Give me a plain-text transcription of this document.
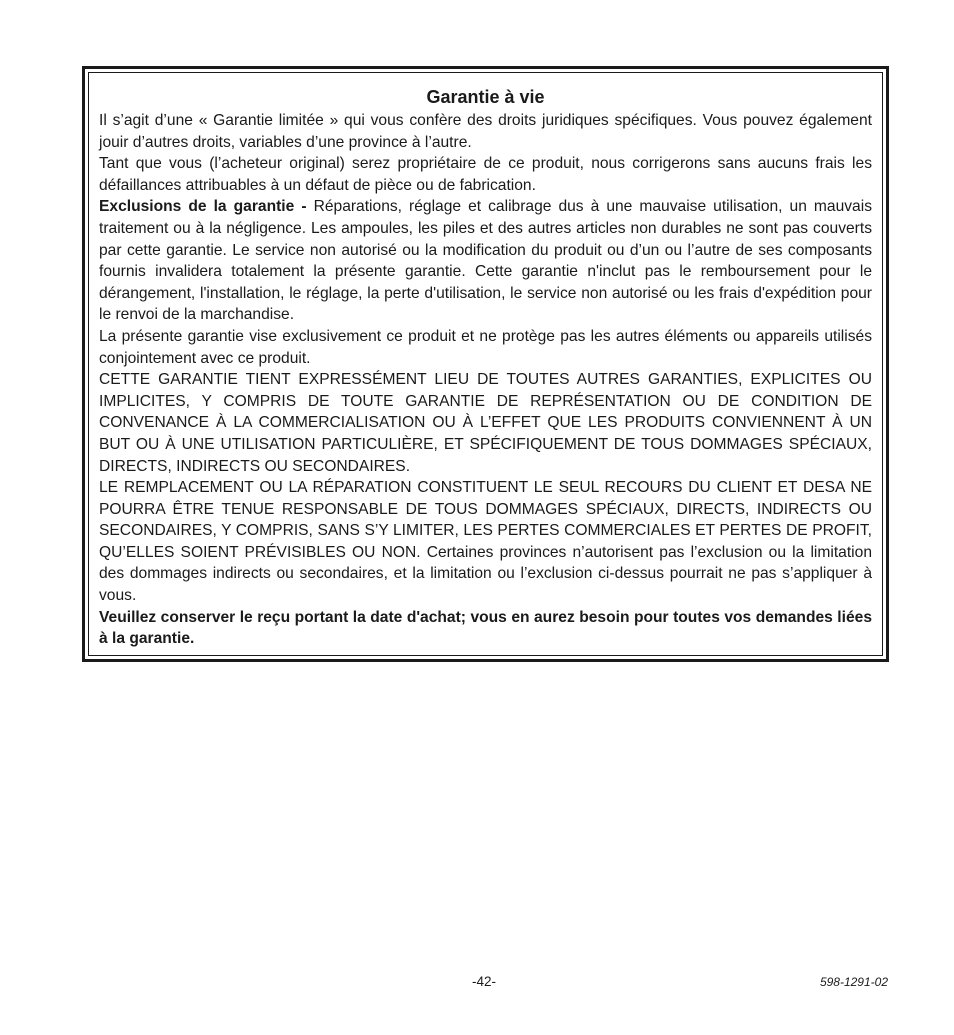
Garantie à vie

Il s’agit d’une « Garantie limitée » qui vous confère des droits juridiques spécifiques. Vous pouvez également jouir d’autres droits, variables d’une province à l’autre.

Tant que vous (l’acheteur original) serez propriétaire de ce produit, nous corrigerons sans aucuns frais les défaillances attribuables à un défaut de pièce ou de fabrication.

Exclusions de la garantie - Réparations, réglage et calibrage dus à une mauvaise utilisation, un mauvais traitement ou à la négligence. Les ampoules, les piles et des autres articles non durables ne sont pas couverts par cette garantie. Le service non autorisé ou la modification du produit ou d’un ou l’autre de ses composants fournis invalidera totalement la présente garantie. Cette garantie n'inclut pas le remboursement pour le dérangement, l'installation, le réglage, la perte d'utilisation, le service non autorisé ou les frais d'expédition pour le renvoi de la marchandise.

La présente garantie vise exclusivement ce produit et ne protège pas les autres éléments ou appareils utilisés conjointement avec ce produit.

CETTE GARANTIE TIENT EXPRESSÉMENT LIEU DE TOUTES AUTRES GARANTIES, EXPLICITES OU IMPLICITES, Y COMPRIS DE TOUTE GARANTIE DE REPRÉSENTATION OU DE CONDITION DE CONVENANCE À LA COMMERCIALISATION OU À L’EFFET QUE LES PRODUITS CONVIENNENT À UN BUT OU À UNE UTILISATION PARTICULIÈRE, ET SPÉCIFIQUEMENT DE TOUS DOMMAGES SPÉCIAUX, DIRECTS, INDIRECTS OU SECONDAIRES.

LE REMPLACEMENT OU LA RÉPARATION CONSTITUENT LE SEUL RECOURS DU CLIENT ET DESA NE POURRA ÊTRE TENUE RESPONSABLE DE TOUS DOMMAGES SPÉCIAUX, DIRECTS, INDIRECTS OU SECONDAIRES, Y COMPRIS, SANS S’Y LIMITER, LES PERTES COMMERCIALES ET PERTES DE PROFIT, QU’ELLES SOIENT PRÉVISIBLES OU NON. Certaines provinces n’autorisent pas l’exclusion ou la limitation des dommages indirects ou secondaires, et la limitation ou l’exclusion ci-dessus pourrait ne pas s’appliquer à vous.

Veuillez conserver le reçu portant la date d'achat; vous en aurez besoin pour toutes vos demandes liées à la garantie.

-42-	598-1291-02
